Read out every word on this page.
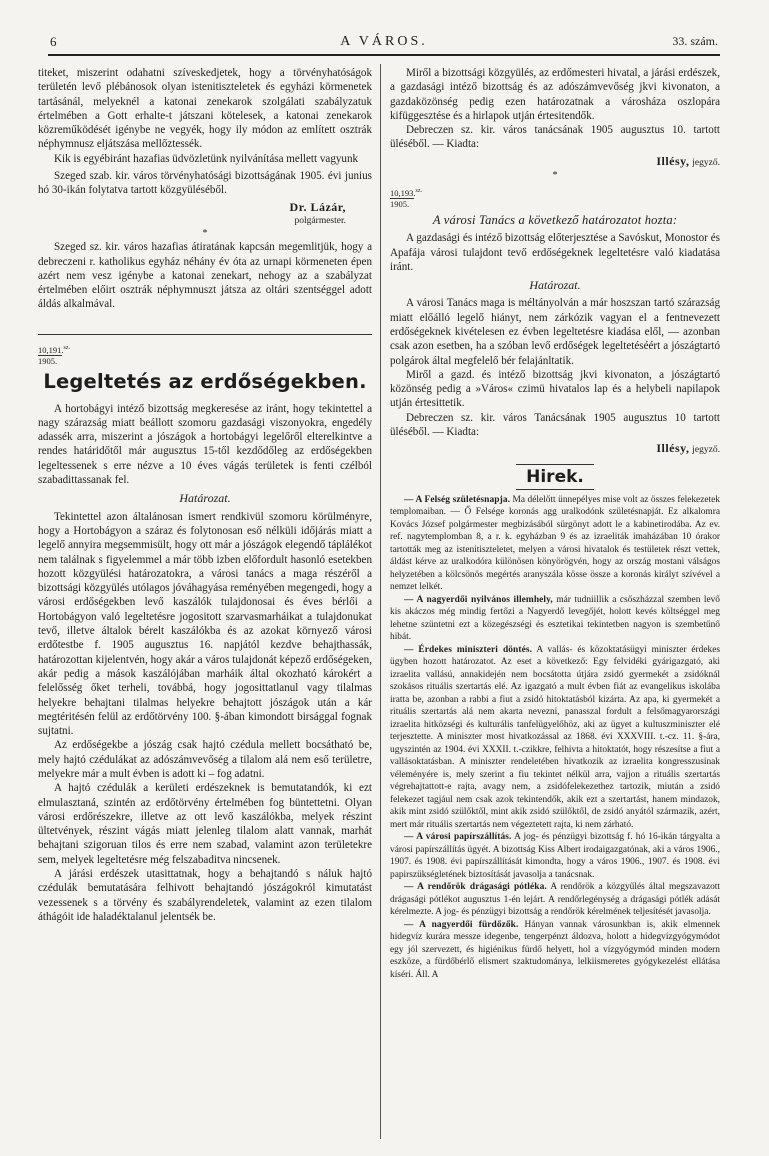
6	A VÁROS.	33. szám.

titeket, miszerint odahatni szíveskedjetek, hogy a törvényhatóságok területén levő plébánosok olyan istenitiszteletek és egyházi körmenetek tartásánál, melyeknél a katonai zenekarok szolgálati szabályzatuk értelmében a Gott erhalte-t játszani kötelesek, a katonai zenekarok közreműködését igénybe ne vegyék, hogy ily módon az említett osztrák néphymnusz eljátszása mellőztessék.

Kik is egyébiránt hazafias üdvözletünk nyilvánítása mellett vagyunk

Szeged szab. kir. város törvényhatósági bizottságának 1905. évi junius hó 30-ikán folytatva tartott közgyüléséből.

Dr. Lázár,
polgármester.
*

Szeged sz. kir. város hazafias átiratának kapcsán megemlitjük, hogy a debreczeni r. katholikus egyház néhány év óta az urnapi körmeneten épen azért nem vesz igénybe a katonai zenekart, nehogy az a szabályzat értelmében előirt osztrák néphymnuszt játsza az oltári szentséggel adott áldás alkalmával.

10,191.$^{sz.}$
1905.
Legeltetés az erdőségekben.

A hortobágyi intéző bizottság megkeresése az iránt, hogy tekintettel a nagy szárazság miatt beállott szomoru gazdasági viszonyokra, engedély adassék arra, miszerint a jószágok a hortobágyi legelőről elterelkintve a rendes határidőtől már augusztus 15-től kezdődőleg az erdőségekben legeltessenek s erre nézve a 10 éves vágás területek is fenti czélból szabadittassanak fel.

Határozat.

Tekintettel azon általánosan ismert rendkivül szomoru körülményre, hogy a Hortobágyon a száraz és folytonosan eső nélküli időjárás miatt a legelő annyira megsemmisült, hogy ott már a jószágok elegendő táplálékot nem találnak s figyelemmel a már több izben előfordult hasonló esetekben hozott közgyülési határozatokra, a városi tanács a maga részéről a bizottsági közgyülés utólagos jóváhagyása reményében megengedi, hogy a városi erdőségekben levő kaszálók tulajdonosai és éves bérlői a Hortobágyon való legeltetésre jogositott szarvasmarháikat a tulajdonukat tevő, illetve általok bérelt kaszálókba és az azokat környező városi erdőtestbe f. 1905 augusztus 16. napjától kezdve behajthassák, határozottan kijelentvén, hogy akár a város tulajdonát képező erdőségeken, akár pedig a mások kaszálójában marháik által okozható károkért a felelősség őket terheli, továbbá, hogy jogosittatlanul vagy tilalmas helyekre behajtani tilalmas helyekre behajtott jószágok után a kár megtéritésén felül az erdőtörvény 100. §-ában kimondott birsággal fognak sujtatni.

Az erdőségekbe a jószág csak hajtó czédula mellett bocsátható be, mely hajtó czédulákat az adószámvevőség a tilalom alá nem eső területre, melyekre már a mult évben is adott ki – fog adatni.

A hajtó czédulák a kerületi erdészeknek is bemutatandók, ki ezt elmulasztaná, szintén az erdőtörvény értelmében fog büntettetni. Olyan városi erdőrészekre, illetve az ott levő kaszálókba, melyek részint ültetvények, részint vágás miatt jelenleg tilalom alatt vannak, marhát behajtani szigoruan tilos és erre nem szabad, valamint azon területekre sem, melyek legeltetésre még felszabaditva nincsenek.

A járási erdészek utasittatnak, hogy a behajtandó s náluk hajtó czédulák bemutatására felhivott behajtandó jószágokról kimutatást vezessenek s a törvény és szabályrendeletek, valamint az ezen tilalom áthágóit ide haladéktalanul jelentsék be.

Miről a bizottsági közgyülés, az erdőmesteri hivatal, a járási erdészek, a gazdasági intéző bizottság és az adószámvevőség jkvi kivonaton, a gazdaközönség pedig ezen határozatnak a városháza oszlopára kifüggesztése és a hirlapok utján értesitendők.

Debreczen sz. kir. város tanácsának 1905 augusztus 10. tartott üléséből. — Kiadta:

Illésy, jegyző.
*
10,193.$^{sz.}$
1905.
A városi Tanács a következő határozatot hozta:

A gazdasági és intéző bizottság előterjesztése a Savóskut, Monostor és Apafája városi tulajdont tevő erdőségeknek legeltetésre való kiadatása iránt.

Határozat.

A városi Tanács maga is méltányolván a már hoszszan tartó szárazság miatt előálló legelő hiányt, nem zárkózik vagyan el a fentnevezett erdőségeknek kivételesen ez évben legeltetésre kiadása elől, — azonban csak azon esetben, ha a szóban levő erdőségek legeltetéséért a jószágtartó polgárok által megfelelő bér felajánltatik.

Miről a gazd. és intéző bizottság jkvi kivonaton, a jószágtartó közönség pedig a »Város« czimü hivatalos lap és a helybeli napilapok utján értesittetik.

Debreczen sz. kir. város Tanácsának 1905 augusztus 10 tartott üléséből. — Kiadta:

Illésy, jegyző.
Hirek.

— A Felség születésnapja. Ma délelőtt ünnepélyes mise volt az összes felekezetek templomaiban. — Ő Felsége koronás agg uralkodónk születésnapját. Ez alkalomra Kovács József polgármester megbizásából sürgönyt adott le a kabinetirodába. Az ev. ref. nagytemplomban 8, a r. k. egyházban 9 és az izraeliták imaházában 10 órakor tartották meg az istenitiszteletet, melyen a városi hivatalok és testületek részt vettek, áldást kérve az uralkodóra különösen könyörögvén, hogy az ország mostani válságos helyzetében a kölcsönös megértés aranyszála kösse össze a koronás királyt szívével a nemzet lelkét.

— A nagyerdői nyilvános illemhely, már tudniillik a csőszházzal szemben levő kis akáczos még mindig fertőzi a Nagyerdő levegőjét, holott kevés költséggel meg lehetne szüntetni ezt a közegészségi és esztetikai tekintetben nagyon is szembetűnő hibát.

— Érdekes miniszteri döntés. A vallás- és közoktatásügyi miniszter érdekes ügyben hozott határozatot. Az eset a következő: Egy felvidéki gyárigazgató, aki izraelita vallású, annakidején nem bocsátotta útjára zsidó gyermekét a zsidóknál szokásos rituális szertartás elé. Az igazgató a mult évben fiát az evangelikus iskolába iratta be, azonban a rabbi a fiut a zsidó hitoktatásból kizárta. Az apa, ki gyermekét a rituális szertartás alá nem akarta nevezni, panasszal fordult a felsőmagyarországi izraelita hitközségi és kulturális tanfelügyelőhöz, aki az ügyet a kultuszminiszter elé terjesztette. A miniszter most hivatkozással az 1868. évi XXXVIII. t.-cz. 11. §-ára, ugyszintén az 1904. évi XXXII. t.-czikkre, felhivta a hitoktatót, hogy részesítse a fiut a vallásoktatásban. A miniszter rendeletében hivatkozik az izraelita kongresszusinak véleményére is, mely szerint a fiu tekintet nélkül arra, vajjon a rituális szertartás végrehajtattott-e rajta, avagy nem, a zsidófelekezethez tartozik, miután a zsidó felekezet tagjául nem csak azok tekintendők, akik ezt a szertartást, hanem mindazok, akik mint zsidó szülőktől, mint akik zsidó szülőktől, de zsidó anyától származik, azért, mert már rituális szertartás nem végeztetett rajta, ki nem zárható.

— A városi papírszállítás. A jog- és pénzügyi bizottság f. hó 16-ikán tárgyalta a városi papírszállítás ügyét. A bizottság Kiss Albert irodaigazgatónak, aki a város 1906., 1907. és 1908. évi papírszállítását kimondta, hogy a város 1906., 1907. és 1908. évi papirszükségletének biztosítását javasolja a tanácsnak.

— A rendőrök drágasági pótléka. A rendőrök a közgyűlés által megszavazott drágasági pótlékot augusztus 1-én lejárt. A rendőrlegénység a drágasági pótlék adását kérelmezte. A jog- és pénzügyi bizottság a rendőrök kérelmének teljesítését javasolja.

— A nagyerdői fürdőzők. Hányan vannak városunkban is, akik elmennek hidegvíz kurára messze idegenbe, tengerpénzt áldozva, holott a hidegvízgyógymódot egy jól szervezett, és higiénikus fürdő helyett, hol a vízgyógymód minden modern eszköze, a fürdőbérlő elismert szaktudománya, lelkiismeretes gyógykezelést ellátása kíséri. Áll. A
